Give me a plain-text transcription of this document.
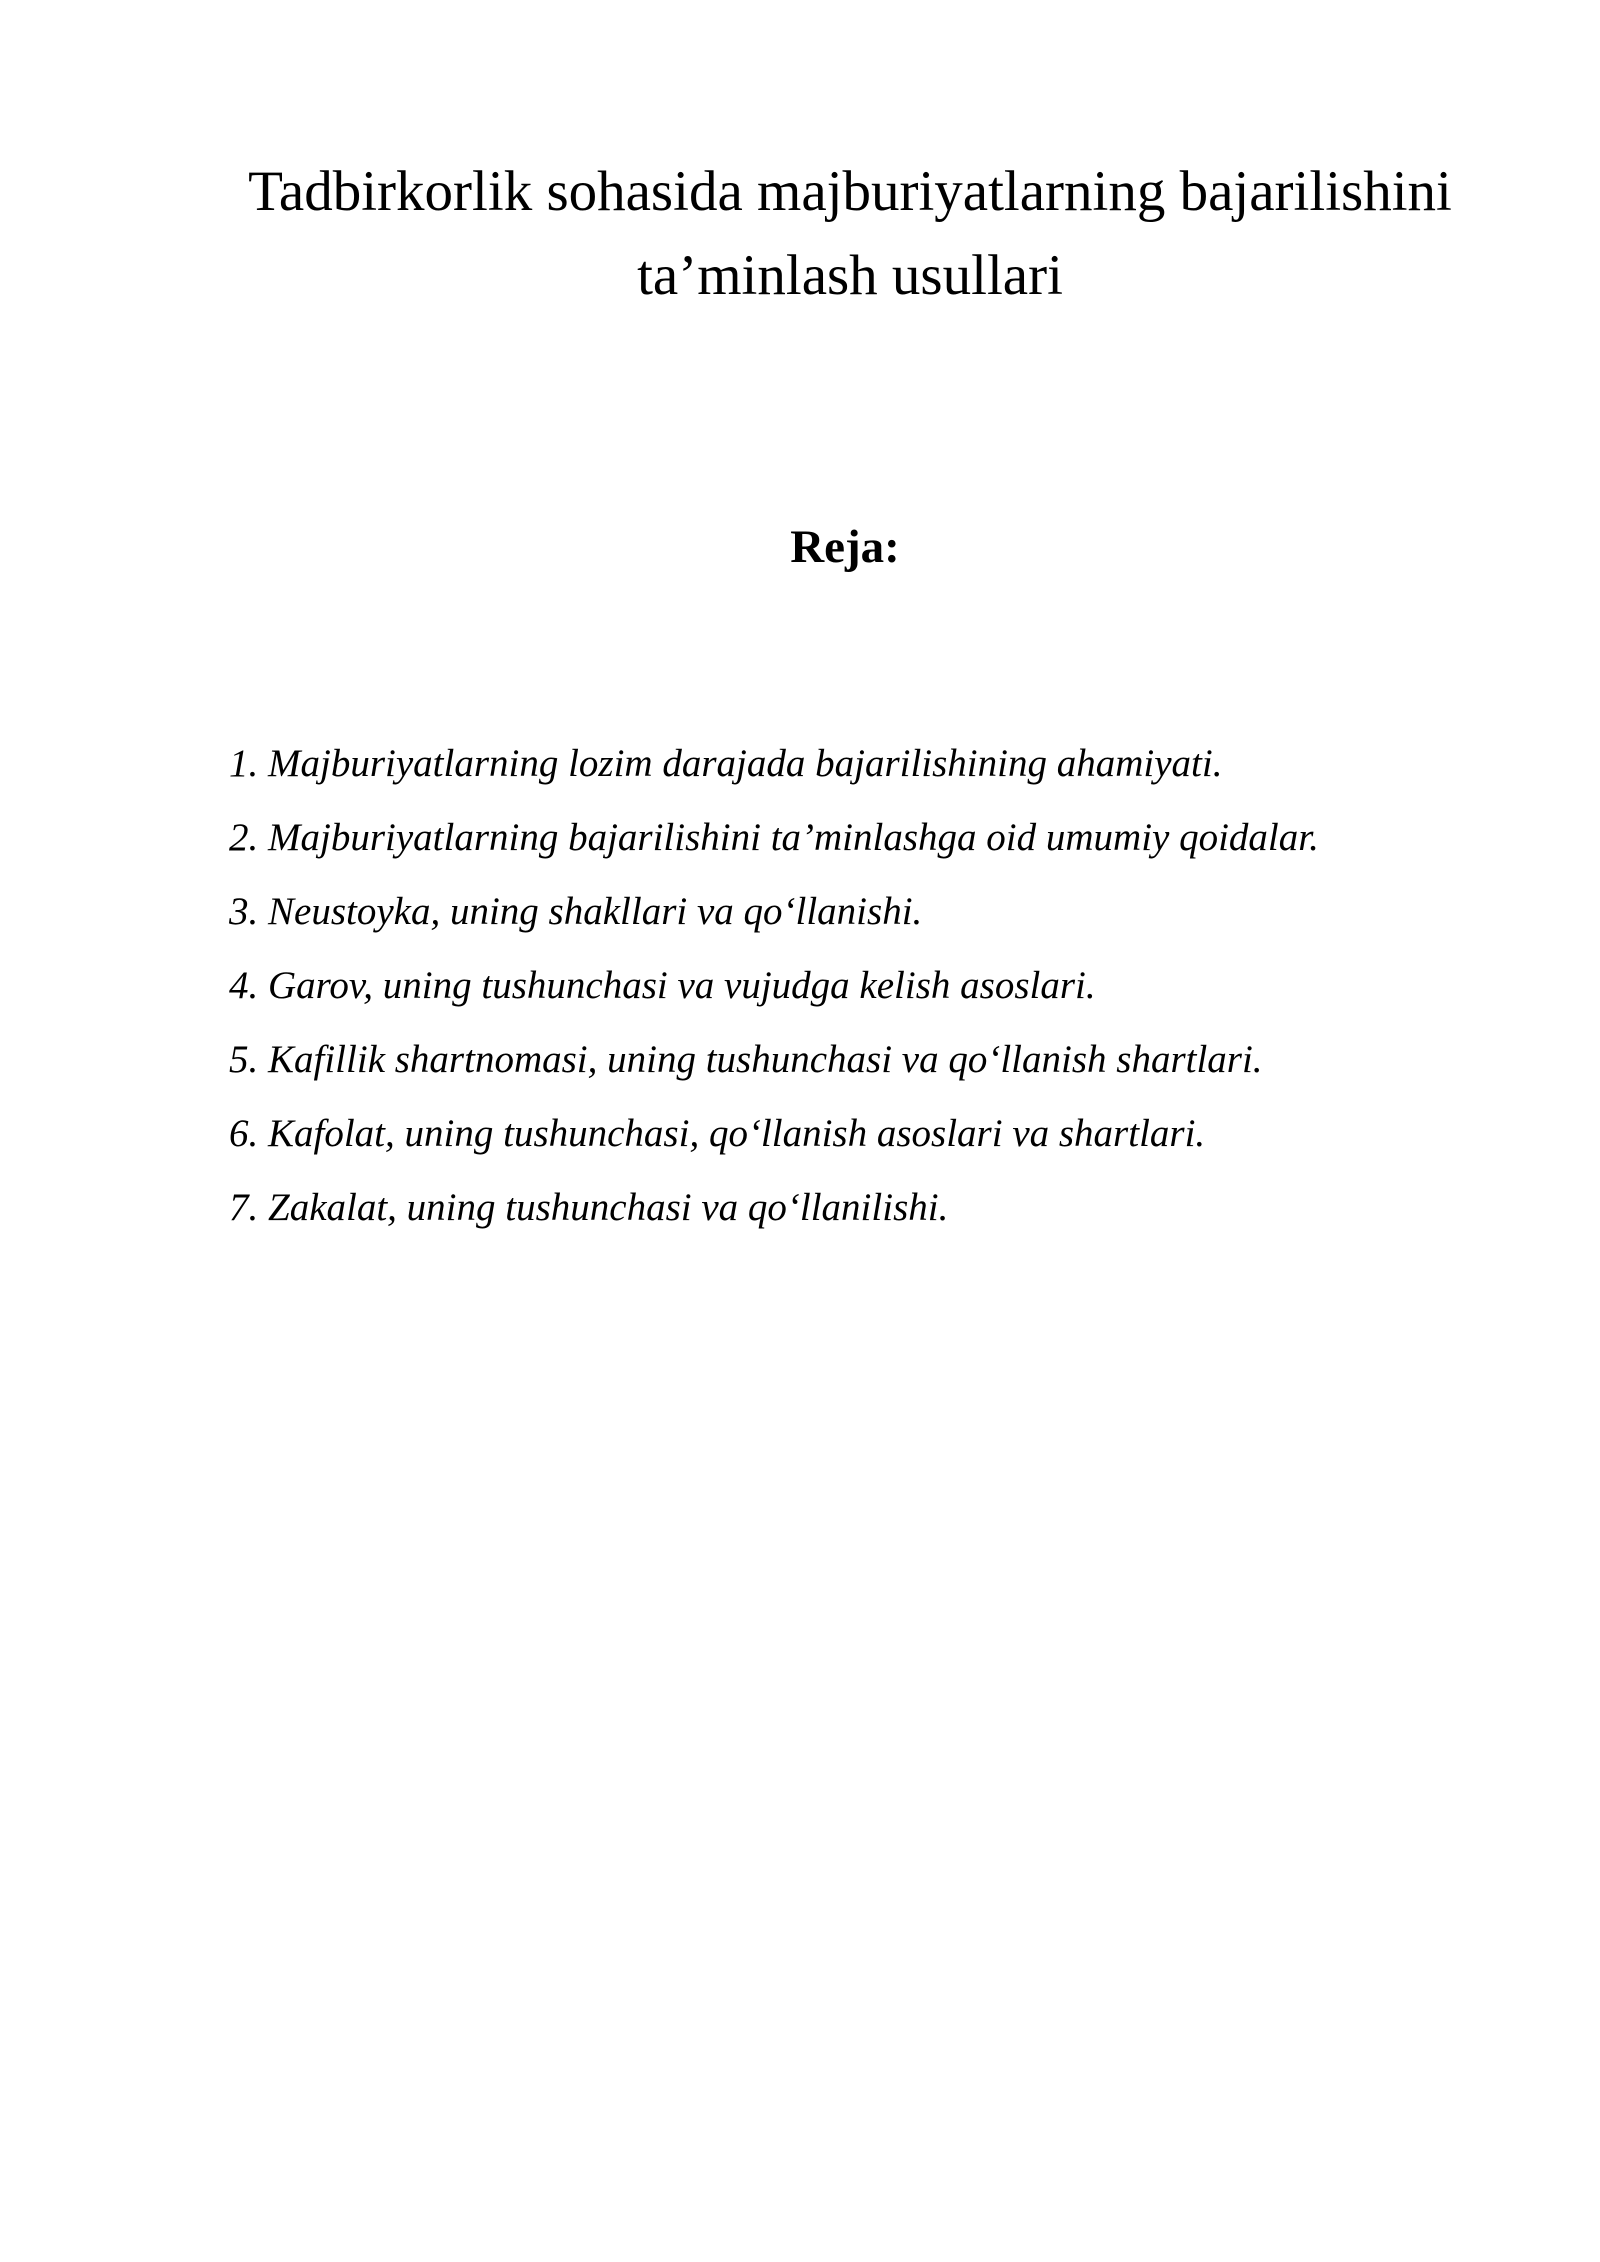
Tadbirkorlik sohasida majburiyatlarning bajarilishini
ta’minlash usullari
Reja:
1. Majburiyatlarning lozim darajada bajarilishining ahamiyati.
2. Majburiyatlarning bajarilishini ta’minlashga oid umumiy qoidalar.
3. Neustoyka, uning shakllari va qo‘llanishi.
4. Garov, uning tushunchasi va vujudga kelish asoslari.
5. Kafillik shartnomasi, uning tushunchasi va qo‘llanish shartlari.
6. Kafolat, uning tushunchasi, qo‘llanish asoslari va shartlari.
7. Zakalat, uning tushunchasi va qo‘llanilishi.
